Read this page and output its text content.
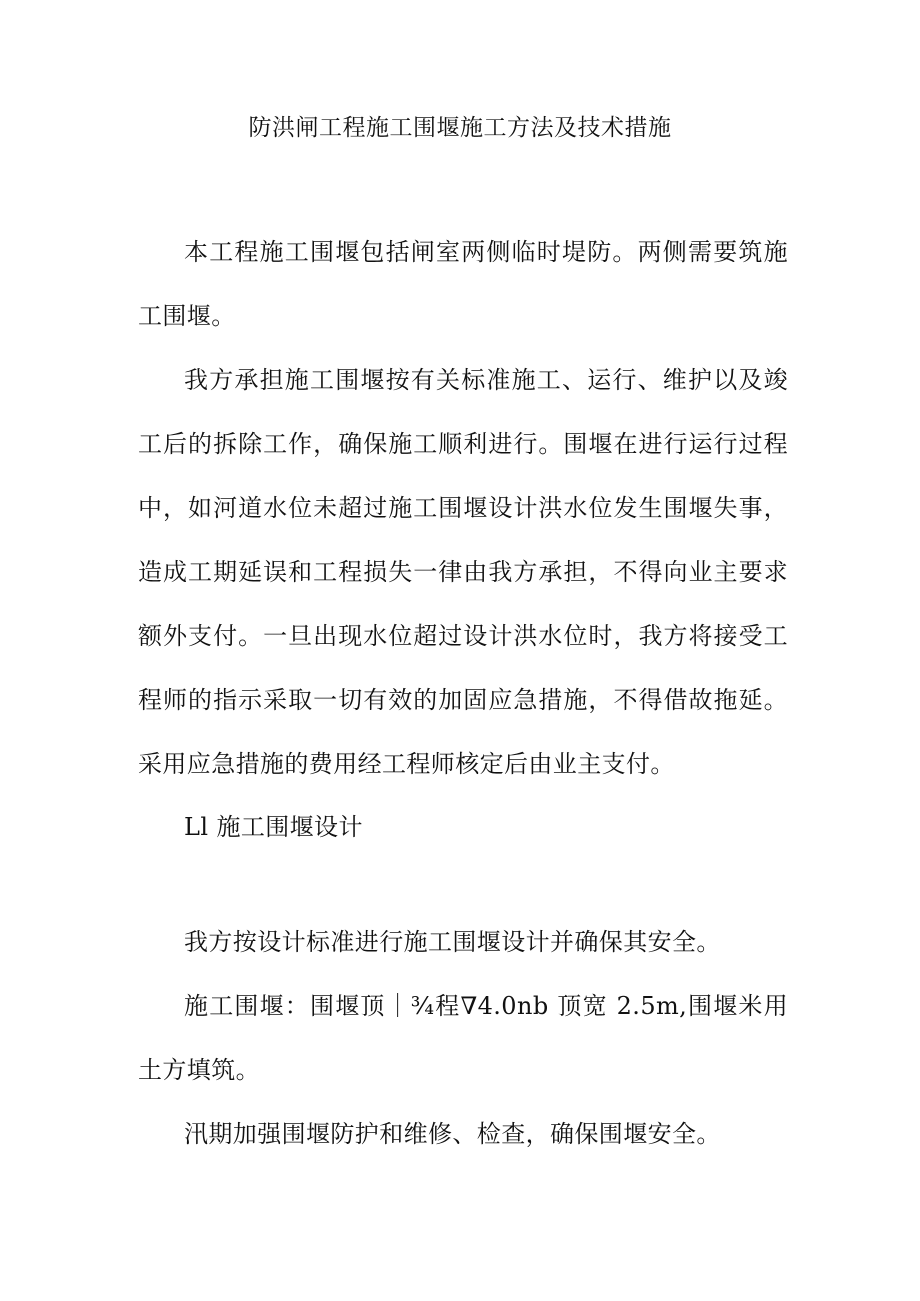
防洪闸工程施工围堰施工方法及技术措施

本工程施工围堰包括闸室两侧临时堤防。两侧需要筑施工围堰。

我方承担施工围堰按有关标准施工、运行、维护以及竣工后的拆除工作，确保施工顺利进行。围堰在进行运行过程中，如河道水位未超过施工围堰设计洪水位发生围堰失事，造成工期延误和工程损失一律由我方承担，不得向业主要求额外支付。一旦出现水位超过设计洪水位时，我方将接受工程师的指示采取一切有效的加固应急措施，不得借故拖延。采用应急措施的费用经工程师核定后由业主支付。

Ll 施工围堰设计

我方按设计标准进行施工围堰设计并确保其安全。

施工围堰：围堰顶｜¾程∇4.0nb 顶宽 2.5m,围堰米用土方填筑。

汛期加强围堰防护和维修、检查，确保围堰安全。
